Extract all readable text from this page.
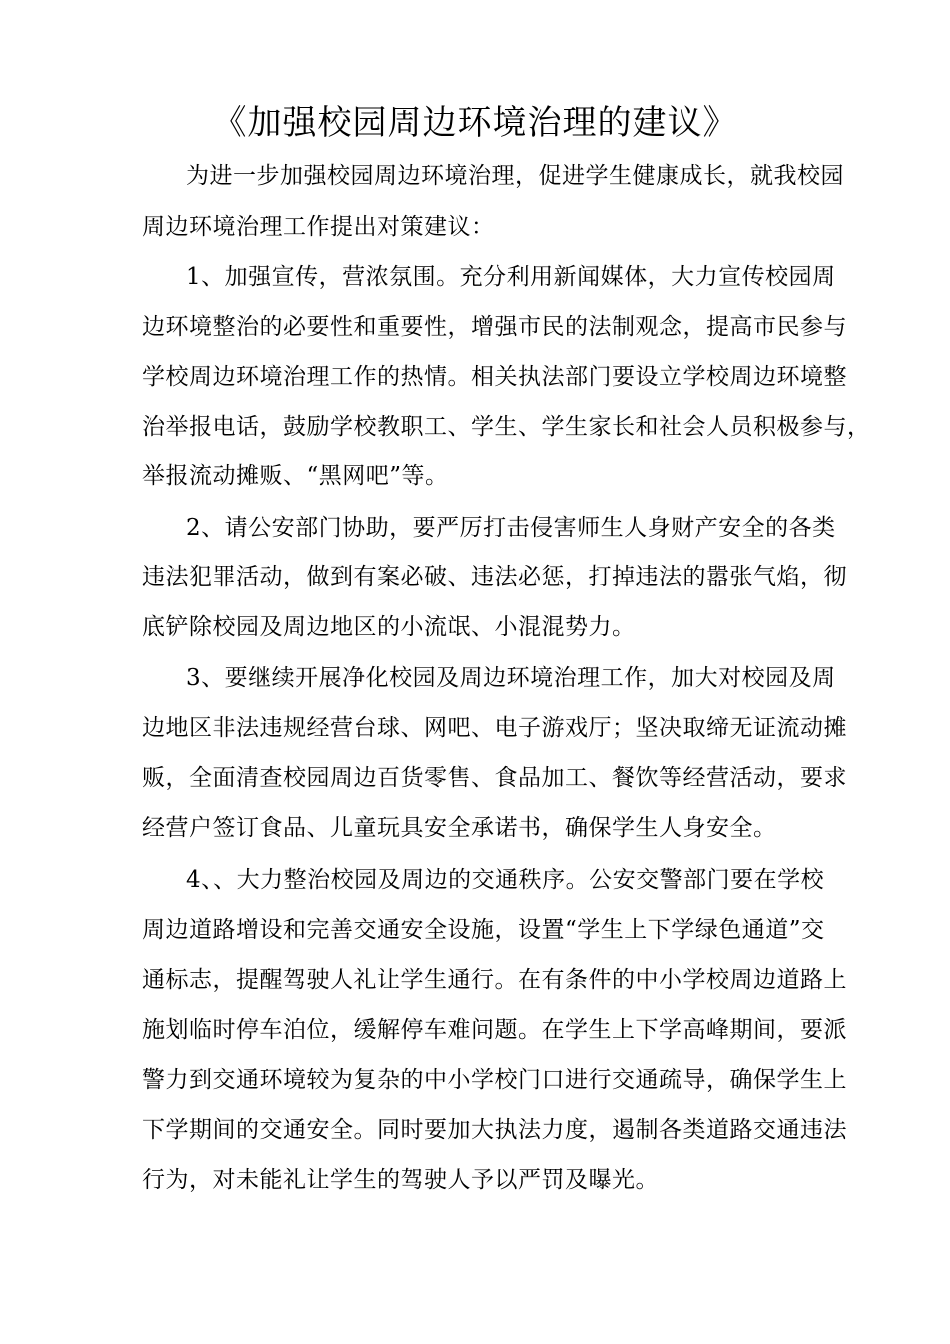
《加强校园周边环境治理的建议》
为进一步加强校园周边环境治理，促进学生健康成长，就我校园
周边环境治理工作提出对策建议：
1、加强宣传，营浓氛围。充分利用新闻媒体，大力宣传校园周
边环境整治的必要性和重要性，增强市民的法制观念，提高市民参与
学校周边环境治理工作的热情。相关执法部门要设立学校周边环境整
治举报电话，鼓励学校教职工、学生、学生家长和社会人员积极参与，
举报流动摊贩、“黑网吧”等。
2、请公安部门协助，要严厉打击侵害师生人身财产安全的各类
违法犯罪活动，做到有案必破、违法必惩，打掉违法的嚣张气焰，彻
底铲除校园及周边地区的小流氓、小混混势力。
3、要继续开展净化校园及周边环境治理工作，加大对校园及周
边地区非法违规经营台球、网吧、电子游戏厅；坚决取缔无证流动摊
贩，全面清查校园周边百货零售、食品加工、餐饮等经营活动，要求
经营户签订食品、儿童玩具安全承诺书，确保学生人身安全。
4、、大力整治校园及周边的交通秩序。公安交警部门要在学校
周边道路增设和完善交通安全设施，设置“学生上下学绿色通道”交
通标志，提醒驾驶人礼让学生通行。在有条件的中小学校周边道路上
施划临时停车泊位，缓解停车难问题。在学生上下学高峰期间，要派
警力到交通环境较为复杂的中小学校门口进行交通疏导，确保学生上
下学期间的交通安全。同时要加大执法力度，遏制各类道路交通违法
行为，对未能礼让学生的驾驶人予以严罚及曝光。
